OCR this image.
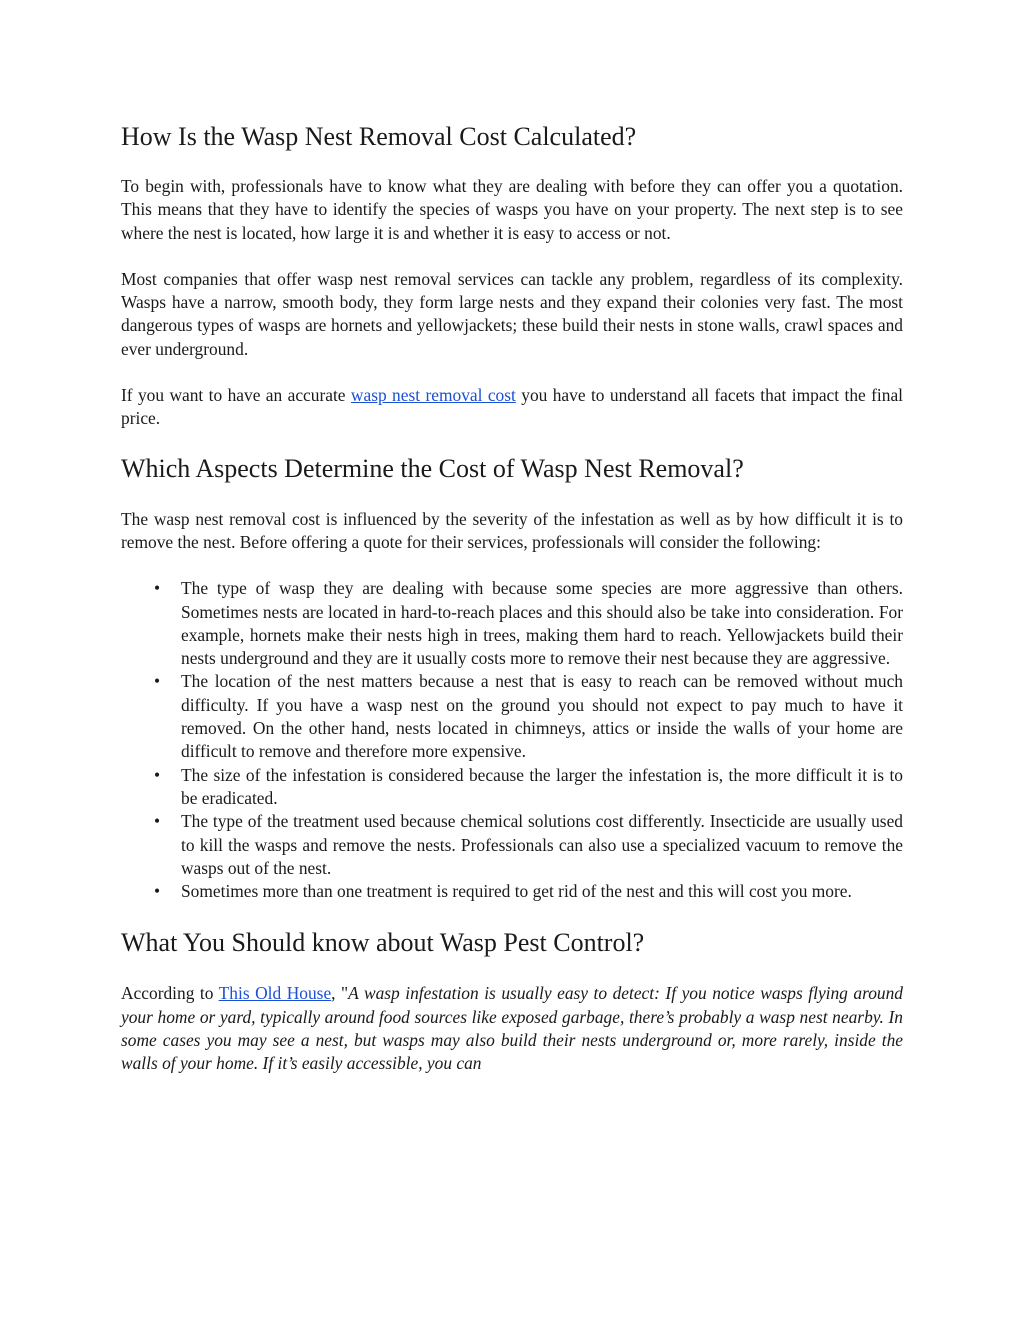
How Is the Wasp Nest Removal Cost Calculated?

To begin with, professionals have to know what they are dealing with before they can offer you a quotation. This means that they have to identify the species of wasps you have on your property. The next step is to see where the nest is located, how large it is and whether it is easy to access or not.

Most companies that offer wasp nest removal services can tackle any problem, regardless of its complexity. Wasps have a narrow, smooth body, they form large nests and they expand their colonies very fast. The most dangerous types of wasps are hornets and yellowjackets; these build their nests in stone walls, crawl spaces and ever underground.

If you want to have an accurate wasp nest removal cost you have to understand all facets that impact the final price.

Which Aspects Determine the Cost of Wasp Nest Removal?

The wasp nest removal cost is influenced by the severity of the infestation as well as by how difficult it is to remove the nest. Before offering a quote for their services, professionals will consider the following:

• The type of wasp they are dealing with because some species are more aggressive than others. Sometimes nests are located in hard-to-reach places and this should also be take into consideration. For example, hornets make their nests high in trees, making them hard to reach. Yellowjackets build their nests underground and they are it usually costs more to remove their nest because they are aggressive.
• The location of the nest matters because a nest that is easy to reach can be removed without much difficulty. If you have a wasp nest on the ground you should not expect to pay much to have it removed. On the other hand, nests located in chimneys, attics or inside the walls of your home are difficult to remove and therefore more expensive.
• The size of the infestation is considered because the larger the infestation is, the more difficult it is to be eradicated.
• The type of the treatment used because chemical solutions cost differently. Insecticide are usually used to kill the wasps and remove the nests. Professionals can also use a specialized vacuum to remove the wasps out of the nest.
• Sometimes more than one treatment is required to get rid of the nest and this will cost you more.
What You Should know about Wasp Pest Control?

According to This Old House, "A wasp infestation is usually easy to detect: If you notice wasps flying around your home or yard, typically around food sources like exposed garbage, there’s probably a wasp nest nearby. In some cases you may see a nest, but wasps may also build their nests underground or, more rarely, inside the walls of your home. If it’s easily accessible, you can
